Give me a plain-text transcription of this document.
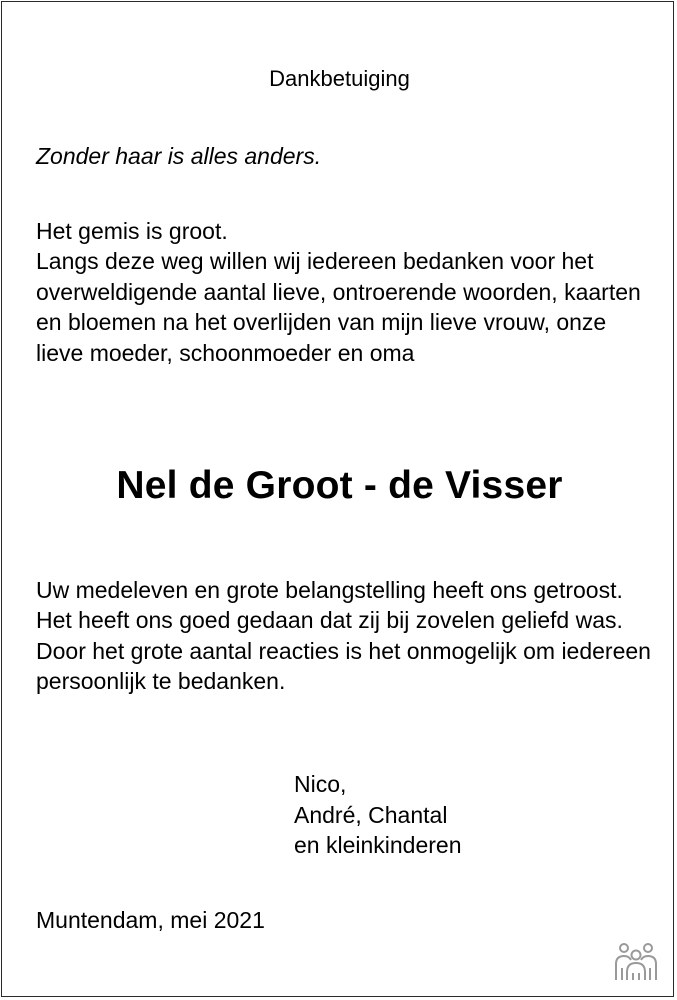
Dankbetuiging
Zonder haar is alles anders.

Het gemis is groot.

Langs deze weg willen wij iedereen bedanken voor het overweldigende aantal lieve, ontroerende woorden, kaarten en bloemen na het overlijden van mijn lieve vrouw, onze lieve moeder, schoonmoeder en oma

Nel de Groot - de Visser

Uw medeleven en grote belangstelling heeft ons getroost. Het heeft ons goed gedaan dat zij bij zovelen geliefd was. Door het grote aantal reacties is het onmogelijk om iedereen persoonlijk te bedanken.

Nico,
André, Chantal
en kleinkinderen
Muntendam, mei 2021
